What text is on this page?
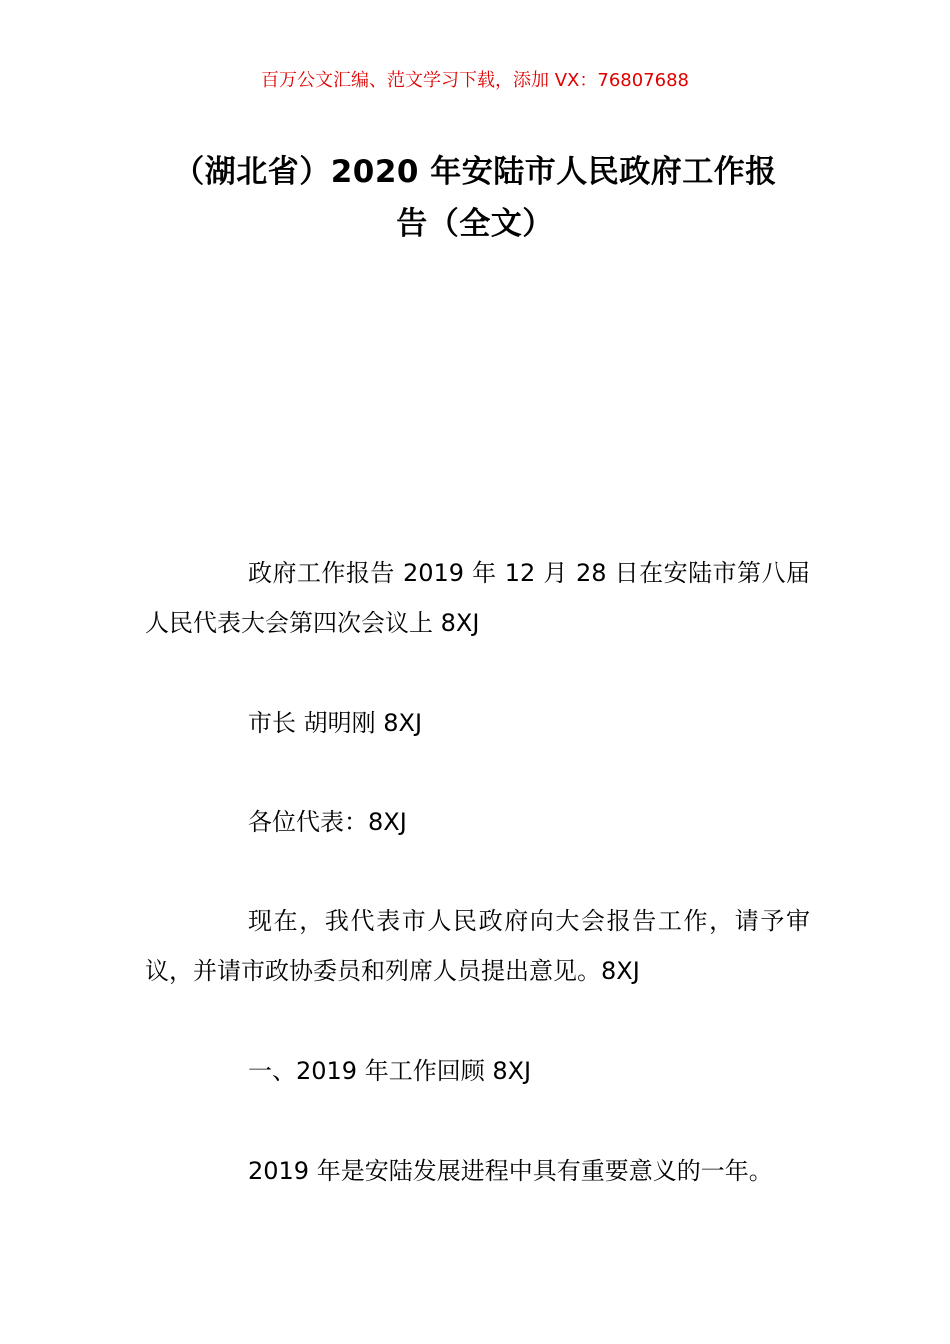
百万公文汇编、范文学习下载，添加 VX：76807688
（湖北省）2020 年安陆市人民政府工作报
告（全文）

政府工作报告 2019 年 12 月 28 日在安陆市第八届人民代表大会第四次会议上 8XJ

市长 胡明刚 8XJ

各位代表：8XJ

现在，我代表市人民政府向大会报告工作，请予审议，并请市政协委员和列席人员提出意见。8XJ

一、2019 年工作回顾 8XJ

2019 年是安陆发展进程中具有重要意义的一年。
